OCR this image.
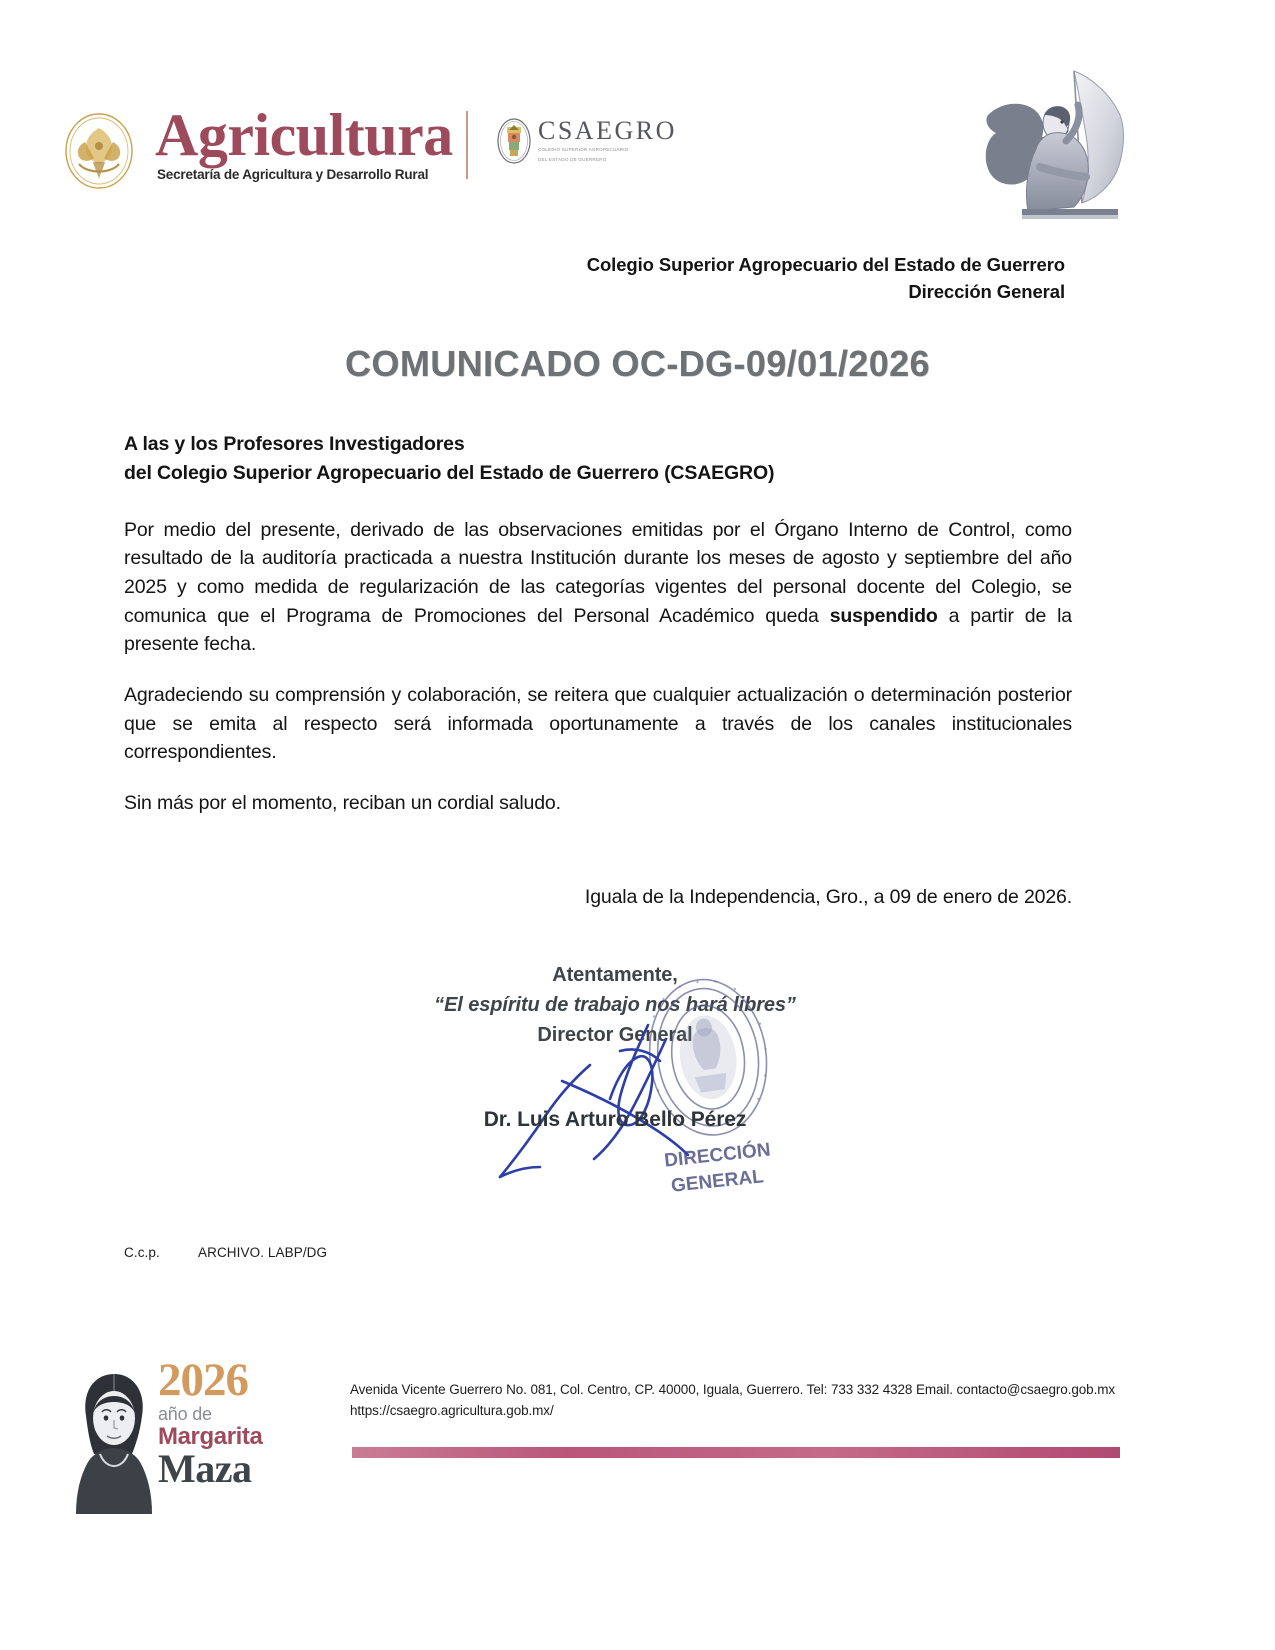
Agricultura
Secretaría de Agricultura y Desarrollo Rural
CSAEGRO
COLEGIO SUPERIOR AGROPECUARIO
DEL ESTADO DE GUERRERO
Colegio Superior Agropecuario del Estado de Guerrero
Dirección General
COMUNICADO OC-DG-09/01/2026
A las y los Profesores Investigadores
del Colegio Superior Agropecuario del Estado de Guerrero (CSAEGRO)

Por medio del presente, derivado de las observaciones emitidas por el Órgano Interno de Control, como resultado de la auditoría practicada a nuestra Institución durante los meses de agosto y septiembre del año 2025 y como medida de regularización de las categorías vigentes del personal docente del Colegio, se comunica que el Programa de Promociones del Personal Académico queda suspendido a partir de la presente fecha.

Agradeciendo su comprensión y colaboración, se reitera que cualquier actualización o determinación posterior que se emita al respecto será informada oportunamente a través de los canales institucionales correspondientes.

Sin más por el momento, reciban un cordial saludo.

Iguala de la Independencia, Gro., a 09 de enero de 2026.
Atentamente,
“El espíritu de trabajo nos hará libres”
Director General
DIRECCIÓN
GENERAL
Dr. Luis Arturo Bello Pérez
C.c.p.	ARCHIVO. LABP/DG
2026
año de
Margarita
Maza
Avenida Vicente Guerrero No. 081, Col. Centro, CP. 40000, Iguala, Guerrero. Tel: 733 332 4328 Email. contacto@csaegro.gob.mx
https://csaegro.agricultura.gob.mx/
